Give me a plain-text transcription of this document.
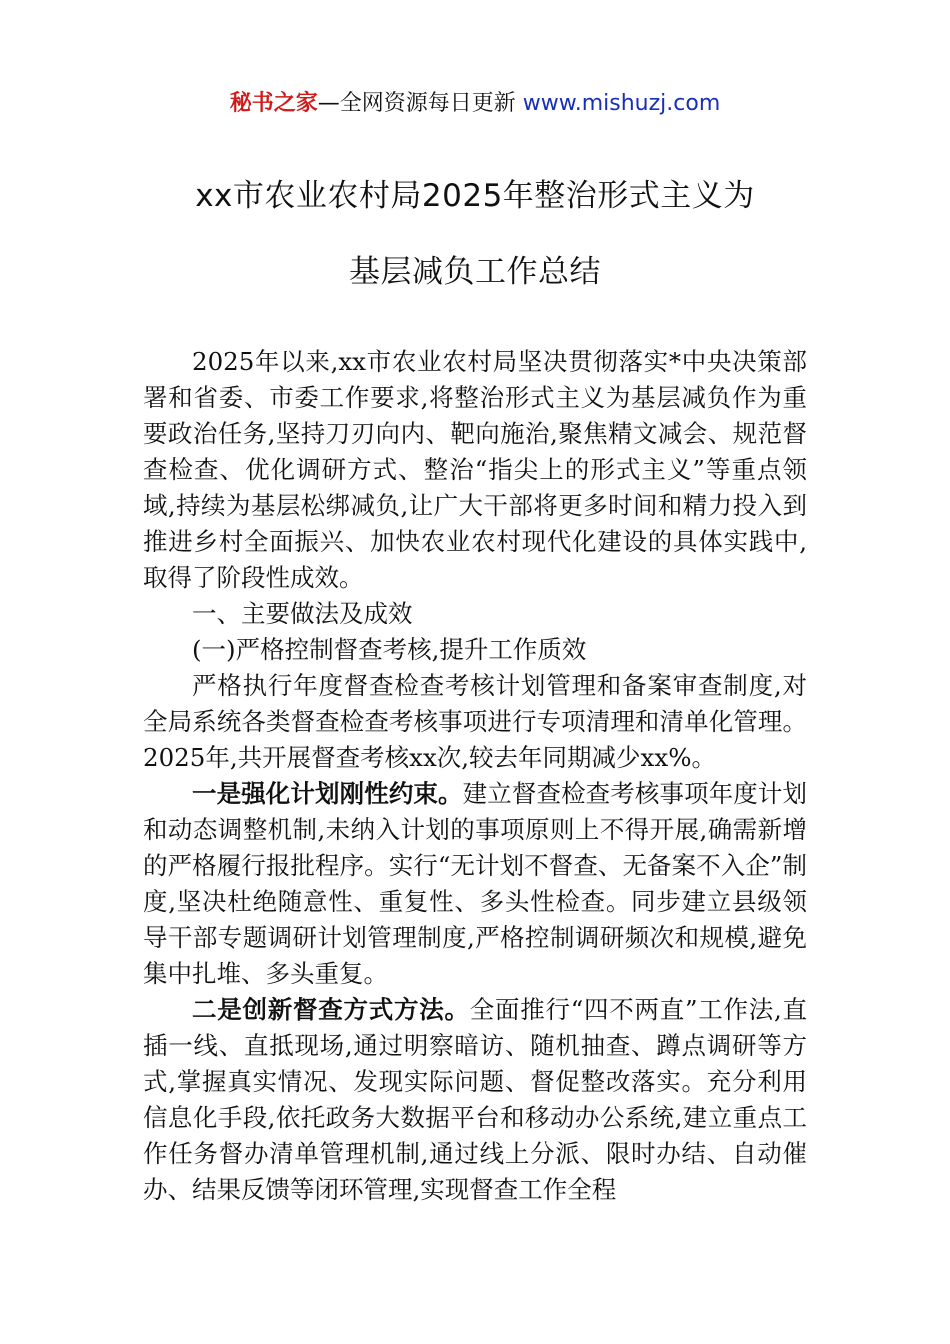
秘书之家—全网资源每日更新 www.mishuzj.com
xx市农业农村局2025年整治形式主义为
基层减负工作总结

2025年以来,xx市农业农村局坚决贯彻落实*中央决策部署和省委、市委工作要求,将整治形式主义为基层减负作为重要政治任务,坚持刀刃向内、靶向施治,聚焦精文减会、规范督查检查、优化调研方式、整治“指尖上的形式主义”等重点领域,持续为基层松绑减负,让广大干部将更多时间和精力投入到推进乡村全面振兴、加快农业农村现代化建设的具体实践中,取得了阶段性成效。

一、主要做法及成效

(一)严格控制督查考核,提升工作质效

严格执行年度督查检查考核计划管理和备案审查制度,对全局系统各类督查检查考核事项进行专项清理和清单化管理。2025年,共开展督查考核xx次,较去年同期减少xx%。

一是强化计划刚性约束。建立督查检查考核事项年度计划和动态调整机制,未纳入计划的事项原则上不得开展,确需新增的严格履行报批程序。实行“无计划不督查、无备案不入企”制度,坚决杜绝随意性、重复性、多头性检查。同步建立县级领导干部专题调研计划管理制度,严格控制调研频次和规模,避免集中扎堆、多头重复。

二是创新督查方式方法。全面推行“四不两直”工作法,直插一线、直抵现场,通过明察暗访、随机抽查、蹲点调研等方式,掌握真实情况、发现实际问题、督促整改落实。充分利用信息化手段,依托政务大数据平台和移动办公系统,建立重点工作任务督办清单管理机制,通过线上分派、限时办结、自动催办、结果反馈等闭环管理,实现督查工作全程
